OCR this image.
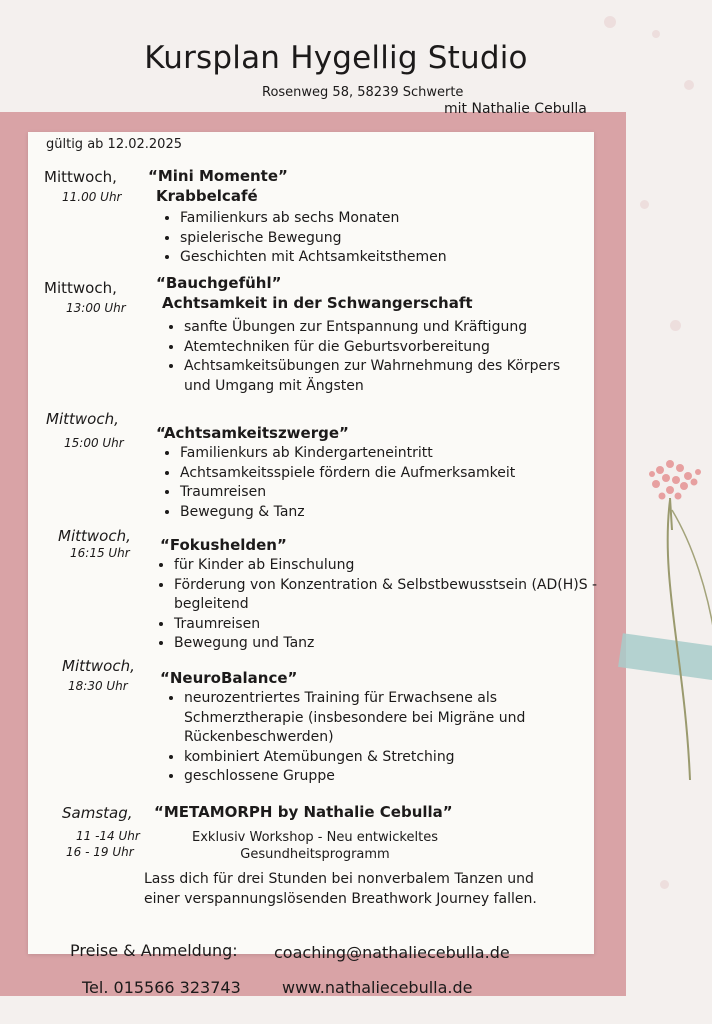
Kursplan Hygellig Studio
Rosenweg 58, 58239 Schwerte
mit Nathalie Cebulla
gültig ab 12.02.2025
Mittwoch,
11.00 Uhr
“Mini Momente”
Krabbelcafé
• Familienkurs ab sechs Monaten
• spielerische Bewegung
• Geschichten mit Achtsamkeitsthemen
Mittwoch,
13:00 Uhr
“Bauchgefühl”
Achtsamkeit in der Schwangerschaft
• sanfte Übungen zur Entspannung und Kräftigung
• Atemtechniken für die Geburtsvorbereitung
• Achtsamkeitsübungen zur Wahrnehmung des Körpers und Umgang mit Ängsten
Mittwoch,
15:00 Uhr
“Achtsamkeitszwerge”
• Familienkurs ab Kindergarteneintritt
• Achtsamkeitsspiele fördern die Aufmerksamkeit
• Traumreisen
• Bewegung & Tanz
Mittwoch,
16:15 Uhr “Fokushelden”
• für Kinder ab Einschulung
• Förderung von Konzentration & Selbstbewusstsein (AD(H)S - begleitend
• Traumreisen
• Bewegung und Tanz
Mittwoch,
18:30 Uhr “NeuroBalance”
• neurozentriertes Training für Erwachsene als Schmerztherapie (insbesondere bei Migräne und Rückenbeschwerden)
• kombiniert Atemübungen & Stretching
• geschlossene Gruppe
Samstag,
11 -14 Uhr
16 - 19 Uhr
“METAMORPH by Nathalie Cebulla”
Exklusiv Workshop - Neu entwickeltes
Gesundheitsprogramm
Lass dich für drei Stunden bei nonverbalem Tanzen und einer verspannungslösenden Breathwork Journey fallen.
Preise & Anmeldung: coaching@nathaliecebulla.de
Tel. 015566 323743	www.nathaliecebulla.de
